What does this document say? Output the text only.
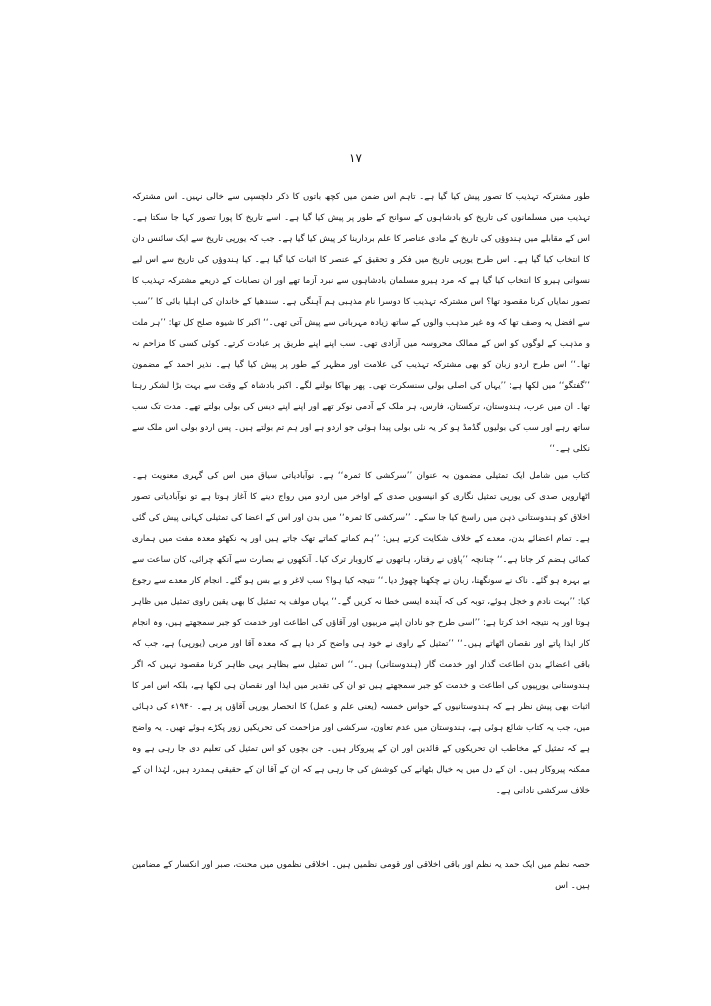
۱۷

طور مشترکہ تہذیب کا تصور پیش کیا گیا ہے۔ تاہم اس ضمن میں کچھ باتوں کا ذکر دلچسپی سے خالی نہیں۔ اس مشترکہ تہذیب میں مسلمانوں کی تاریخ کو بادشاہوں کے سوانح کے طور پر پیش کیا گیا ہے۔ اسے تاریخ کا پورا تصور کہا جا سکتا ہے۔ اس کے مقابلے میں ہندوؤں کی تاریخ کے مادی عناصر کا علم برداربنا کر پیش کیا گیا ہے۔ جب کہ یورپی تاریخ سے ایک سائنس دان کا انتخاب کیا گیا ہے۔ اس طرح یورپی تاریخ میں فکر و تحقیق کے عنصر کا اثبات کیا گیا ہے۔ کیا ہندوؤں کی تاریخ سے اس لیے نسوانی ہیرو کا انتخاب کیا گیا ہے کہ مرد ہیرو مسلمان بادشاہوں سے نبرد آزما تھے اور ان نصابات کے ذریعے مشترکہ تہذیب کا تصور نمایاں کرنا مقصود تھا؟ اس مشترکہ تہذیب کا دوسرا نام مذہبی ہم آہنگی ہے۔ سندھیا کے خاندان کی اہلیا بائی کا ’’سب سے افضل یہ وصف تھا کہ وہ غیر مذہب والوں کے ساتھ زیادہ مہربانی سے پیش آتی تھی۔‘‘ اکبر کا شیوہ صلح کل تھا: ’’ہر ملت و مذہب کے لوگوں کو اس کے ممالک محروسہ میں آزادی تھی۔ سب اپنے اپنے طریق پر عبادت کرتے۔ کوئی کسی کا مزاحم نہ تھا۔‘‘ اس طرح اردو زبان کو بھی مشترکہ تہذیب کی علامت اور مظہر کے طور پر پیش کیا گیا ہے۔ نذیر احمد کے مضمون ’’گفتگو‘‘ میں لکھا ہے: ’’یہاں کی اصلی بولی سنسکرت تھی۔ پھر بھاکا بولنے لگے۔ اکبر بادشاہ کے وقت سے بہت بڑا لشکر رہتا تھا۔ ان میں عرب، ہندوستان، ترکستان، فارس، ہر ملک کے آدمی نوکر تھے اور اپنے اپنے دیس کی بولی بولتے تھے۔ مدت تک سب ساتھ رہے اور سب کی بولیوں گڈمڈ ہو کر یہ نئی بولی پیدا ہوئی جو اردو ہے اور ہم تم بولتے ہیں۔ پس اردو بولی اس ملک سے نکلی ہے۔‘‘

کتاب میں شامل ایک تمثیلی مضمون بہ عنوان ’’سرکشی کا ثمرہ‘‘ ہے۔ نوآبادیاتی سیاق میں اس کی گہری معنویت ہے۔ اٹھارویں صدی کی یورپی تمثیل نگاری کو انیسویں صدی کے اواخر میں اردو میں رواج دینے کا آغاز ہوتا ہے تو نوآبادیاتی تصور اخلاق کو ہندوستانی ذہن میں راسخ کیا جا سکے۔ ’’سرکشی کا ثمرہ‘‘ میں بدن اور اس کے اعضا کی تمثیلی کہانی پیش کی گئی ہے۔ تمام اعضائے بدن، معدے کے خلاف شکایت کرتے ہیں: ’’ہم کماتے کماتے تھک جاتے ہیں اور یہ نکھٹو معدہ مفت میں ہماری کمائی ہضم کر جاتا ہے۔‘‘ چنانچہ ’’پاؤں نے رفتار، ہاتھوں نے کاروبار ترک کیا۔ آنکھوں نے بصارت سے آنکھ چرائی، کان ساعت سے بے بہرہ ہو گئے۔ ناک نے سونگھنا، زبان نے چکھنا چھوڑ دیا۔‘‘ نتیجہ کیا ہوا؟ سب لاغر و بے بس ہو گئے۔ انجام کار معدے سے رجوع کیا: ’’بہت نادم و خجل ہوئے، توبہ کی کہ آیندہ ایسی خطا نہ کریں گے۔‘‘ یہاں مولف یہ تمثیل کا بھی یقین راوی تمثیل میں ظاہر ہوتا اور یہ نتیجہ اخذ کرتا ہے: ’’اسی طرح جو نادان اپنے مربیوں اور آقاؤں کی اطاعت اور خدمت کو جبر سمجھتے ہیں، وہ انجام کار ایذا پاتے اور نقصان اٹھاتے ہیں۔‘‘ ’’تمثیل کے راوی نے خود ہی واضح کر دیا ہے کہ معدہ آقا اور مربی (یورپی) ہے، جب کہ باقی اعضائے بدن اطاعت گذار اور خدمت گار (ہندوستانی) ہیں۔‘‘ اس تمثیل سے بظاہر یہی ظاہر کرنا مقصود نہیں کہ اگر ہندوستانی یورپیوں کی اطاعت و خدمت کو جبر سمجھتے ہیں تو ان کی تقدیر میں ایذا اور نقصان ہی لکھا ہے، بلکہ اس امر کا اثبات بھی پیش نظر ہے کہ ہندوستانیوں کے حواس خمسہ (یعنی علم و عمل) کا انحصار یورپی آقاؤں پر ہے۔ ۱۹۴۰ء کی دہائی میں، جب یہ کتاب شائع ہوئی ہے، ہندوستان میں عدم تعاون، سرکشی اور مزاحمت کی تحریکیں زور پکڑے ہوئے تھیں۔ یہ واضح ہے کہ تمثیل کے مخاطب ان تحریکوں کے قائدین اور ان کے پیروکار ہیں۔ جن بچوں کو اس تمثیل کی تعلیم دی جا رہی ہے وہ ممکنہ پیروکار ہیں۔ ان کے دل میں یہ خیال بٹھانے کی کوشش کی جا رہی ہے کہ ان کے آقا ان کے حقیقی ہمدرد ہیں، لہٰذا ان کے خلاف سرکشی نادانی ہے۔

حصہ نظم میں ایک حمد یہ نظم اور باقی اخلاقی اور قومی نظمیں ہیں۔ اخلاقی نظموں میں محنت، صبر اور انکسار کے مضامین ہیں۔ اس
